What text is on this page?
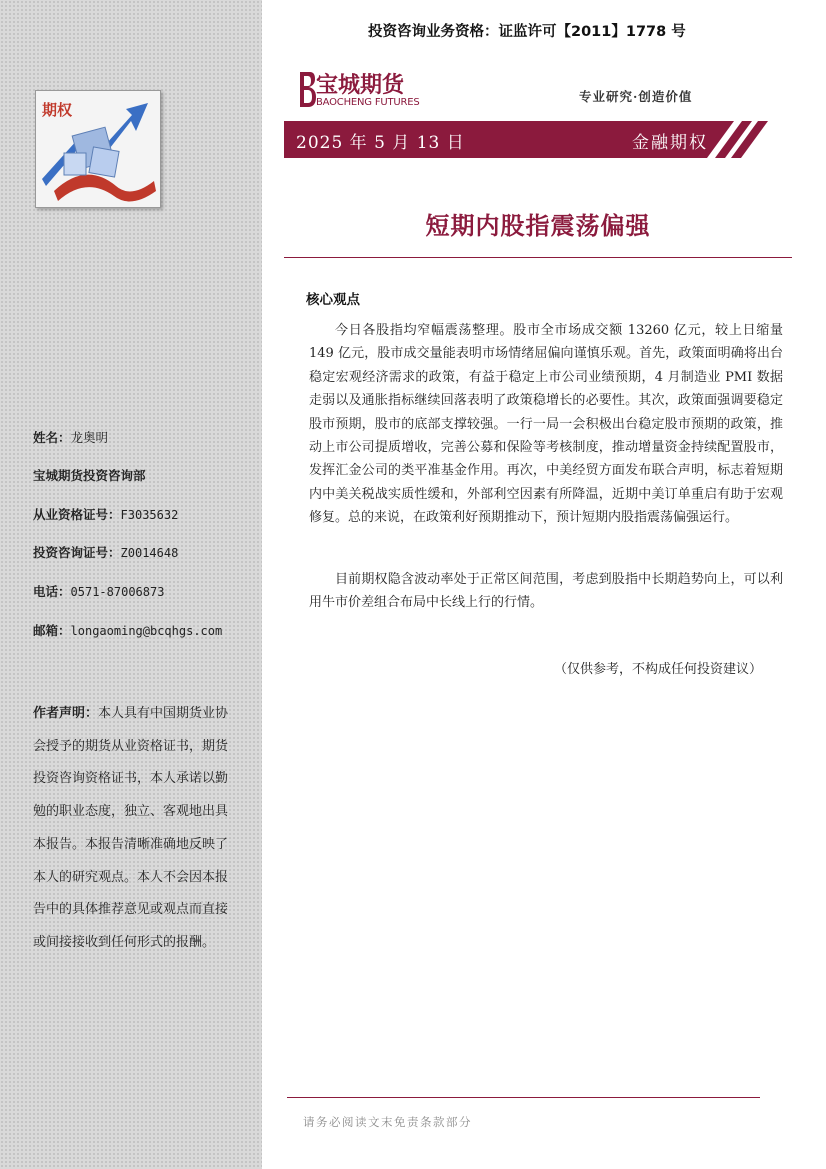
期权
姓名：龙奥明
宝城期货投资咨询部
从业资格证号：F3035632
投资咨询证号：Z0014648
电话：0571-87006873
邮箱：longaoming@bcqhgs.com
作者声明：本人具有中国期货业协会授予的期货从业资格证书，期货投资咨询资格证书，本人承诺以勤勉的职业态度，独立、客观地出具本报告。本报告清晰准确地反映了本人的研究观点。本人不会因本报告中的具体推荐意见或观点而直接或间接接收到任何形式的报酬。
投资咨询业务资格：证监许可【2011】1778 号
宝城期货
BAOCHENG FUTURES	专业研究·创造价值
2025 年 5 月 13 日	金融期权
短期内股指震荡偏强
核心观点

今日各股指均窄幅震荡整理。股市全市场成交额 13260 亿元，较上日缩量 149 亿元，股市成交量能表明市场情绪屈偏向谨慎乐观。首先，政策面明确将出台稳定宏观经济需求的政策，有益于稳定上市公司业绩预期，4 月制造业 PMI 数据走弱以及通胀指标继续回落表明了政策稳增长的必要性。其次，政策面强调要稳定股市预期，股市的底部支撑较强。一行一局一会积极出台稳定股市预期的政策，推动上市公司提质增收，完善公募和保险等考核制度，推动增量资金持续配置股市，发挥汇金公司的类平准基金作用。再次，中美经贸方面发布联合声明，标志着短期内中美关税战实质性缓和，外部利空因素有所降温，近期中美订单重启有助于宏观修复。总的来说，在政策利好预期推动下，预计短期内股指震荡偏强运行。

目前期权隐含波动率处于正常区间范围，考虑到股指中长期趋势向上，可以利用牛市价差组合布局中长线上行的行情。

（仅供参考，不构成任何投资建议）
请务必阅读文末免责条款部分
